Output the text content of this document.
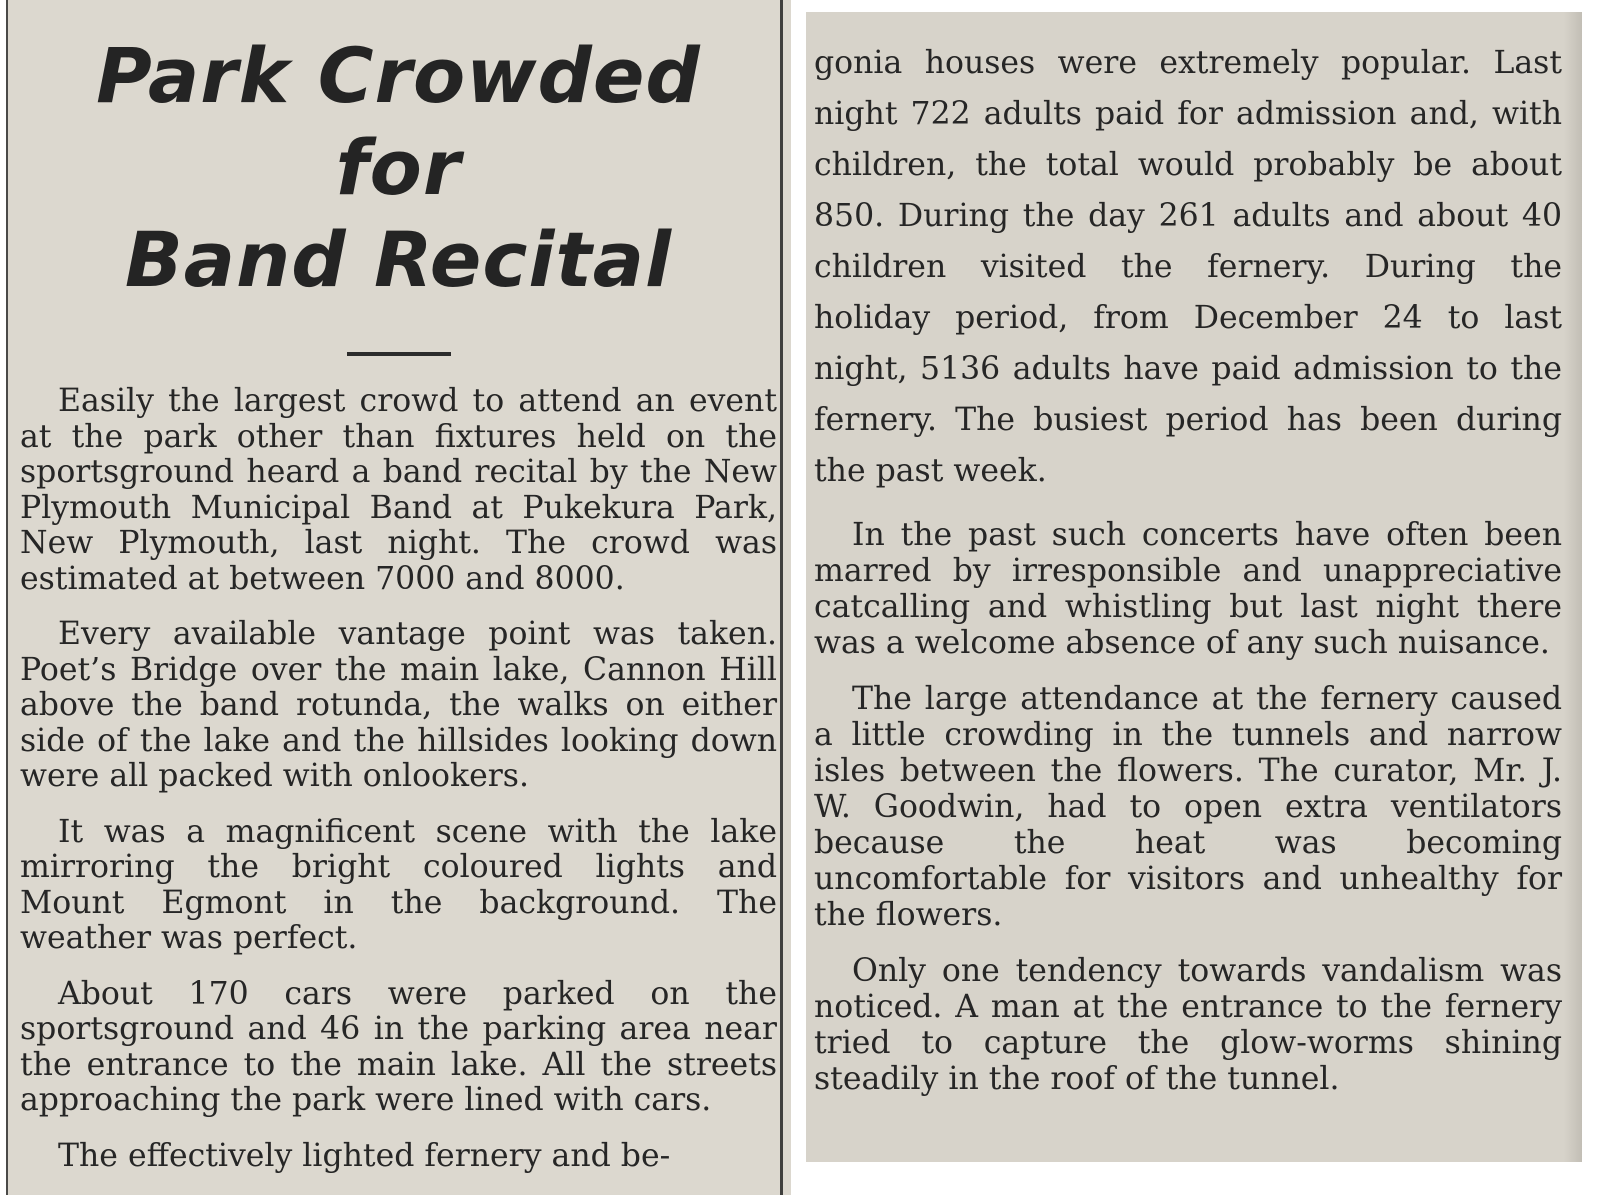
Park Crowded for
Band Recital

Easily the largest crowd to attend an event at the park other than fixtures held on the sportsground heard a band recital by the New Plymouth Municipal Band at Pukekura Park, New Plymouth, last night. The crowd was estimated at between 7000 and 8000.

Every available vantage point was taken. Poet’s Bridge over the main lake, Cannon Hill above the band rotunda, the walks on either side of the lake and the hillsides looking down were all packed with onlookers.

It was a magnificent scene with the lake mirroring the bright coloured lights and Mount Egmont in the background. The weather was perfect.

About 170 cars were parked on the sportsground and 46 in the parking area near the entrance to the main lake. All the streets approaching the park were lined with cars.

The effectively lighted fernery and be-

gonia houses were extremely popular. Last night 722 adults paid for admission and, with children, the total would probably be about 850. During the day 261 adults and about 40 children visited the fernery. During the holiday period, from December 24 to last night, 5136 adults have paid admission to the fernery. The busiest period has been during the past week.

In the past such concerts have often been marred by irresponsible and unappreciative catcalling and whistling but last night there was a welcome absence of any such nuisance.

The large attendance at the fernery caused a little crowding in the tunnels and narrow isles between the flowers. The curator, Mr. J. W. Goodwin, had to open extra ventilators because the heat was becoming uncomfortable for visitors and unhealthy for the flowers.

Only one tendency towards vandalism was noticed. A man at the entrance to the fernery tried to capture the glow-worms shining steadily in the roof of the tunnel.
